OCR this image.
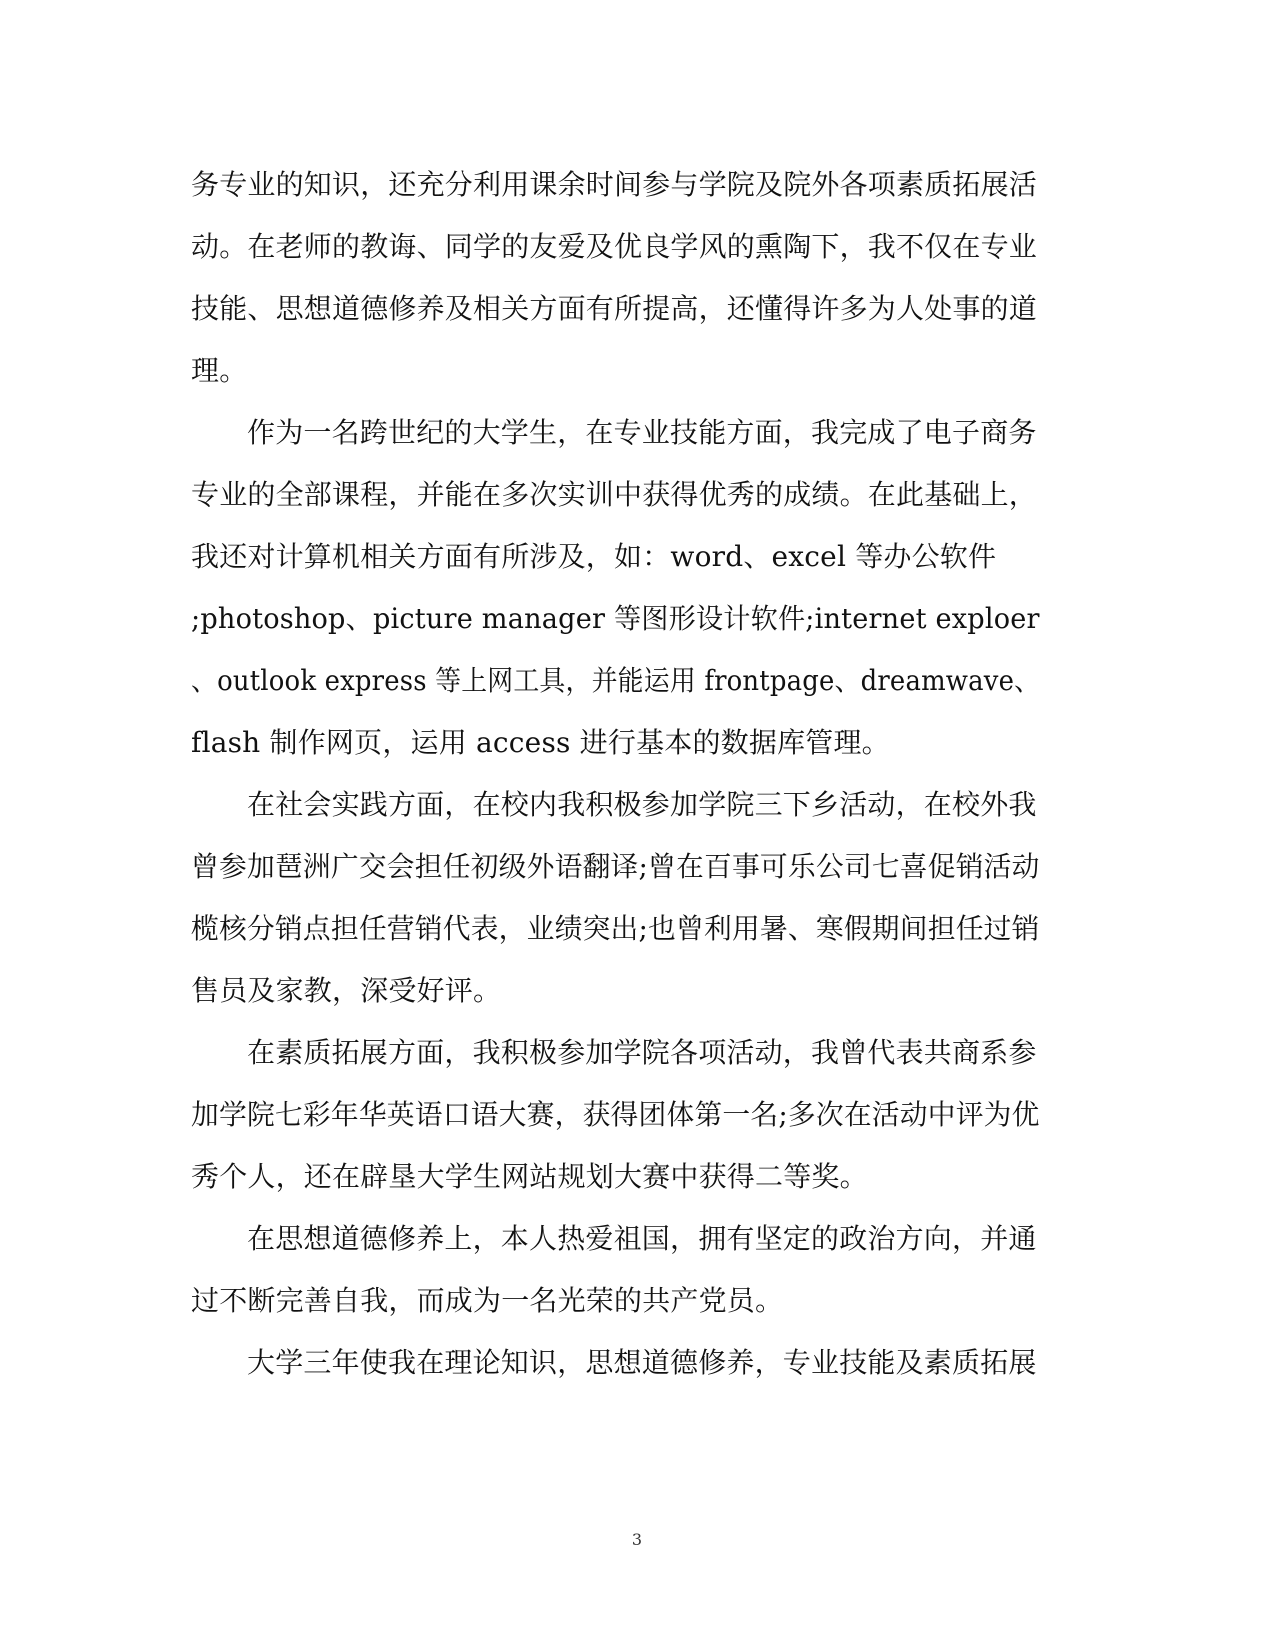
务专业的知识，还充分利用课余时间参与学院及院外各项素质拓展活
动。在老师的教诲、同学的友爱及优良学风的熏陶下，我不仅在专业
技能、思想道德修养及相关方面有所提高，还懂得许多为人处事的道
理。
作为一名跨世纪的大学生，在专业技能方面，我完成了电子商务
专业的全部课程，并能在多次实训中获得优秀的成绩。在此基础上，
我还对计算机相关方面有所涉及，如：word、excel 等办公软件
;photoshop、picture manager 等图形设计软件;internet exploer
、outlook express 等上网工具，并能运用 frontpage、dreamwave、
flash 制作网页，运用 access 进行基本的数据库管理。
在社会实践方面，在校内我积极参加学院三下乡活动，在校外我
曾参加琶洲广交会担任初级外语翻译;曾在百事可乐公司七喜促销活动
榄核分销点担任营销代表，业绩突出;也曾利用暑、寒假期间担任过销
售员及家教，深受好评。
在素质拓展方面，我积极参加学院各项活动，我曾代表共商系参
加学院七彩年华英语口语大赛，获得团体第一名;多次在活动中评为优
秀个人，还在辟垦大学生网站规划大赛中获得二等奖。
在思想道德修养上，本人热爱祖国，拥有坚定的政治方向，并通
过不断完善自我，而成为一名光荣的共产党员。
大学三年使我在理论知识，思想道德修养，专业技能及素质拓展
3
